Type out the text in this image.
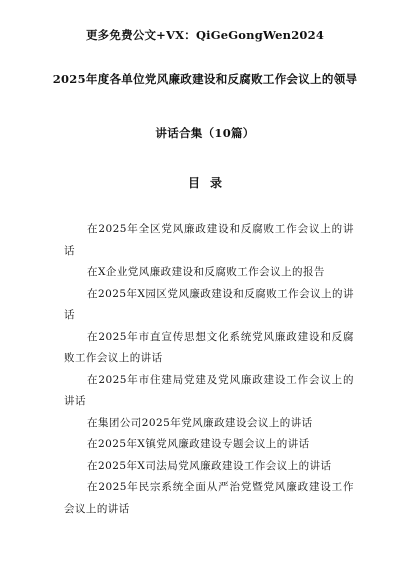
更多免费公文+VX：QiGeGongWen2024
2025年度各单位党风廉政建设和反腐败工作会议上的领导
讲话合集（10篇）
目录
在2025年全区党风廉政建设和反腐败工作会议上的讲话
在X企业党风廉政建设和反腐败工作会议上的报告
在2025年X园区党风廉政建设和反腐败工作会议上的讲话
在2025年市直宣传思想文化系统党风廉政建设和反腐败工作会议上的讲话
在2025年市住建局党建及党风廉政建设工作会议上的讲话
在集团公司2025年党风廉政建设会议上的讲话
在2025年X镇党风廉政建设专题会议上的讲话
在2025年X司法局党风廉政建设工作会议上的讲话
在2025年民宗系统全面从严治党暨党风廉政建设工作会议上的讲话
